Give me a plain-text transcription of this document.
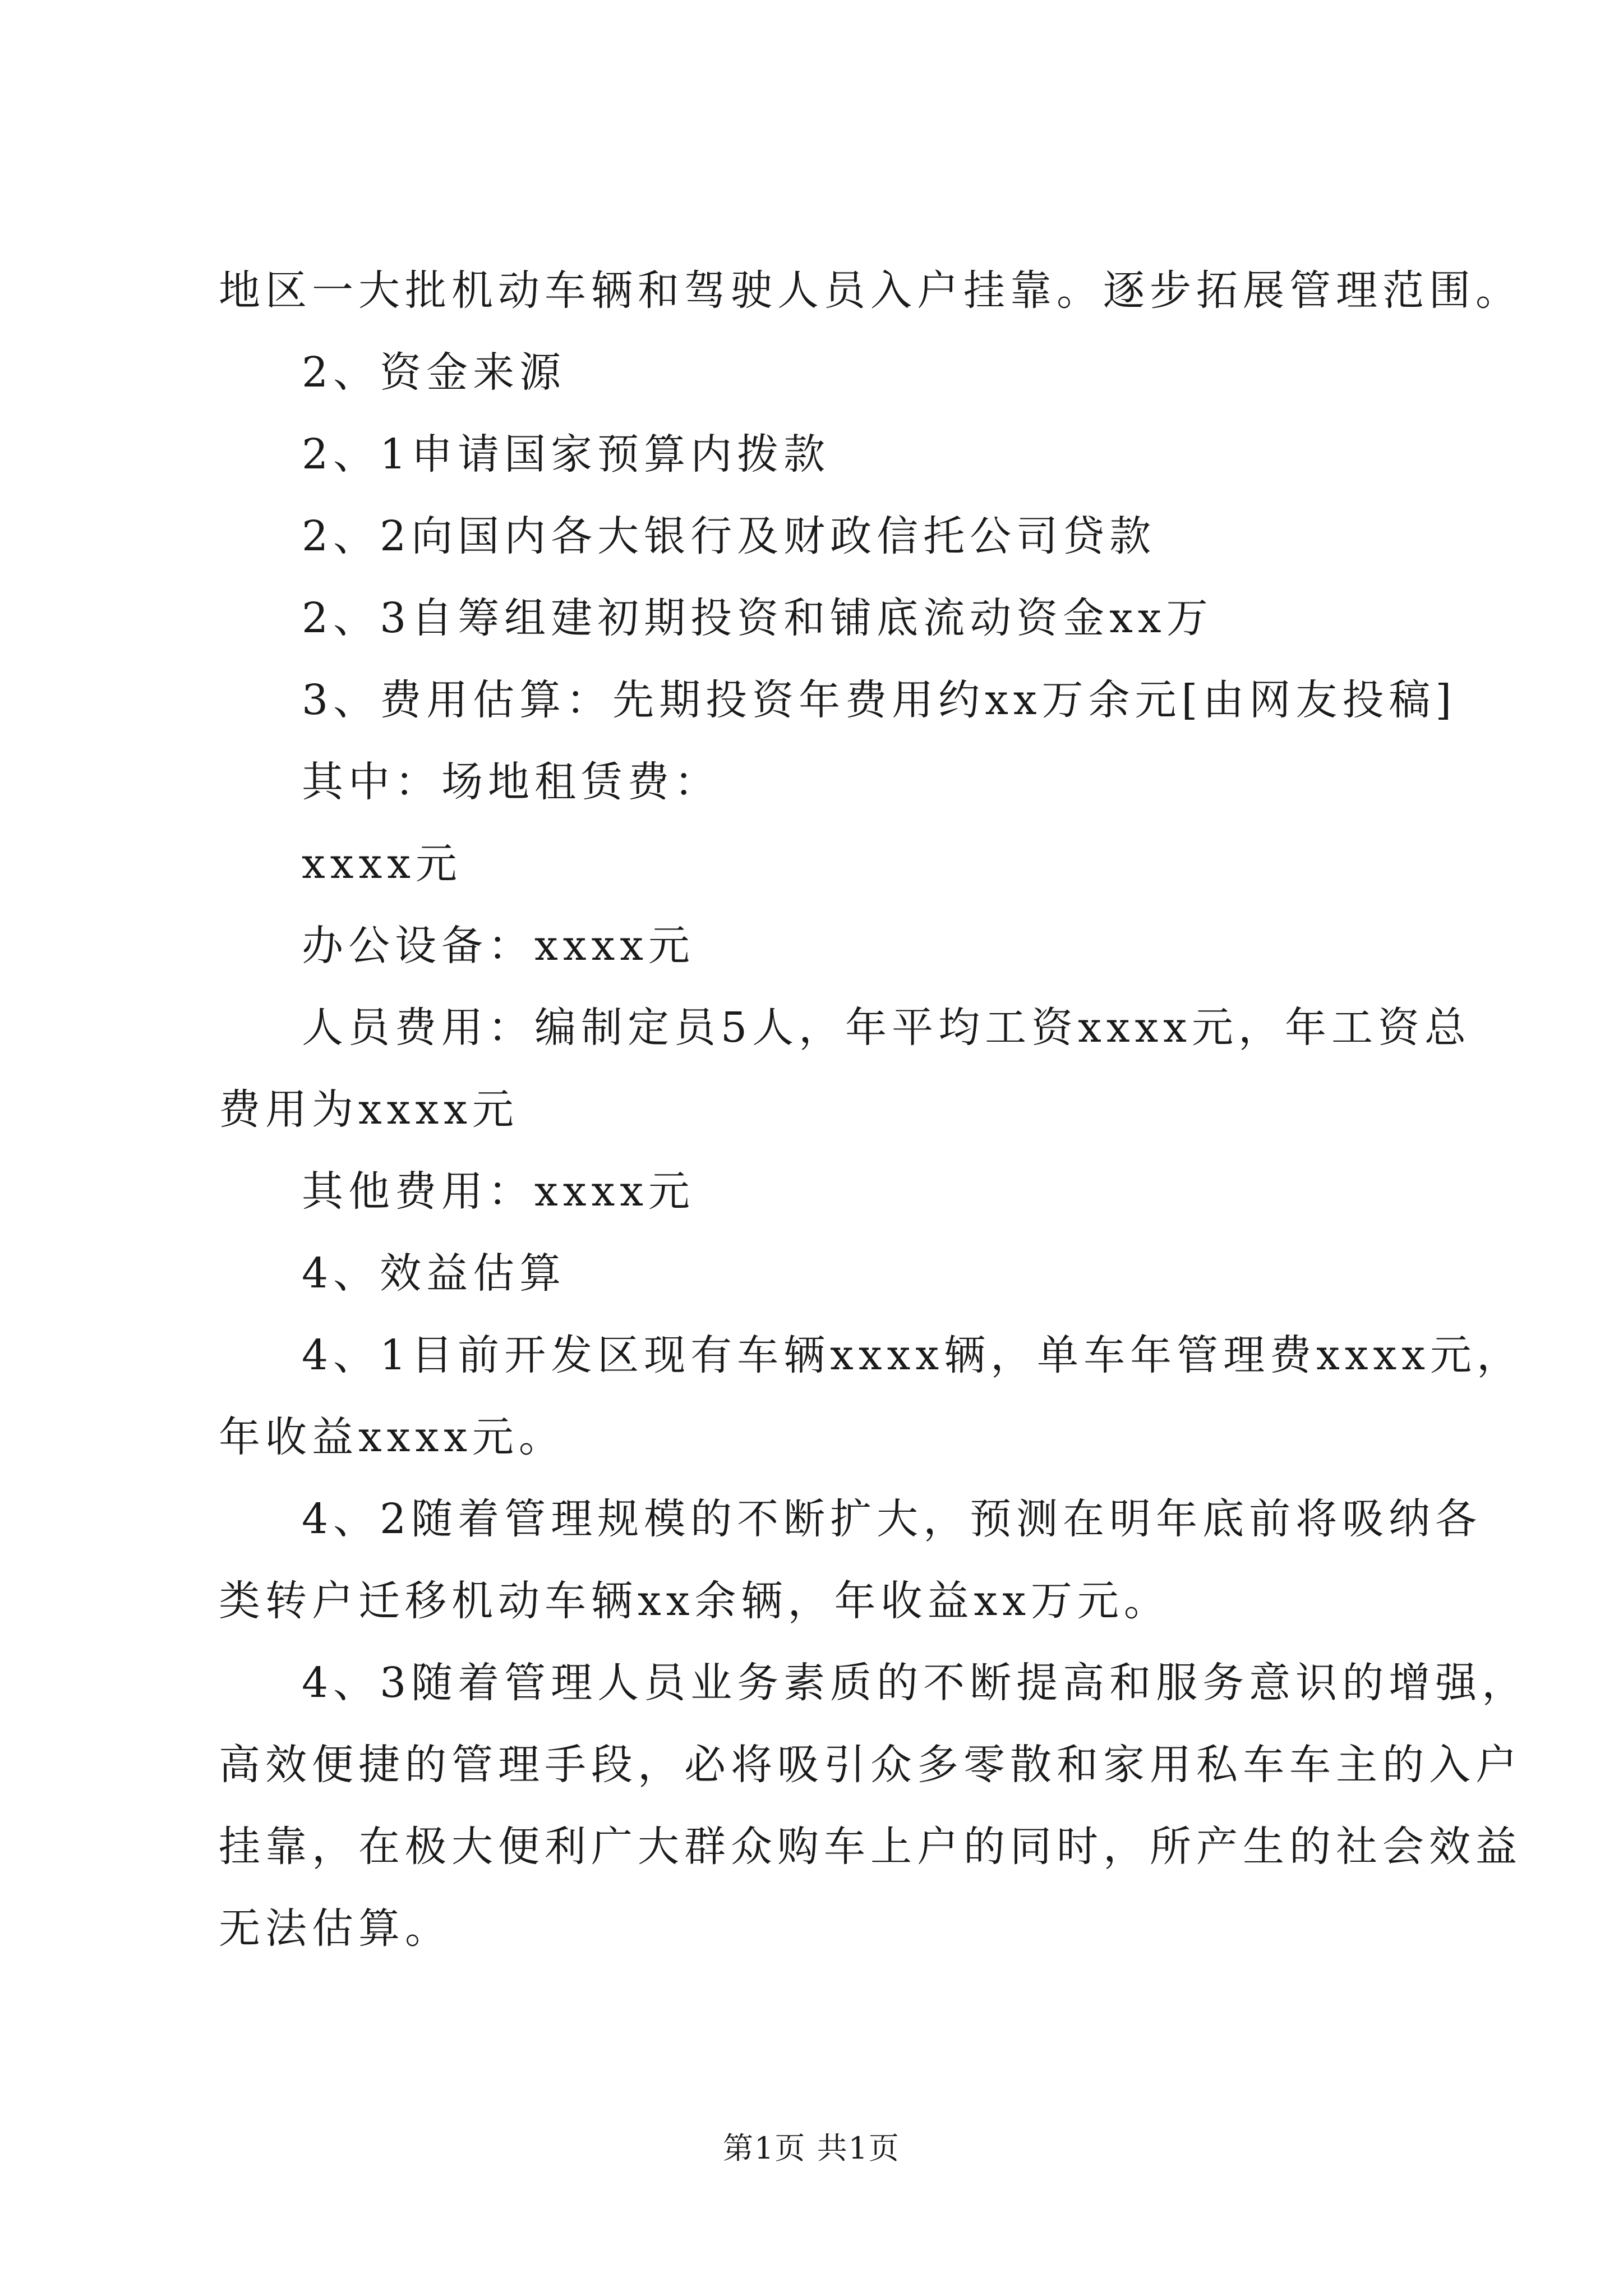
地区一大批机动车辆和驾驶人员入户挂靠。逐步拓展管理范围。

2、资金来源

2、1申请国家预算内拨款

2、2向国内各大银行及财政信托公司贷款

2、3自筹组建初期投资和铺底流动资金xx万

3、费用估算：先期投资年费用约xx万余元[由网友投稿]

其中：场地租赁费：

xxxx元

办公设备：xxxx元

人员费用：编制定员5人，年平均工资xxxx元，年工资总

费用为xxxx元

其他费用：xxxx元

4、效益估算

4、1目前开发区现有车辆xxxx辆，单车年管理费xxxx元，

年收益xxxx元。

4、2随着管理规模的不断扩大，预测在明年底前将吸纳各

类转户迁移机动车辆xx余辆，年收益xx万元。

4、3随着管理人员业务素质的不断提高和服务意识的增强，

高效便捷的管理手段，必将吸引众多零散和家用私车车主的入户

挂靠，在极大便利广大群众购车上户的同时，所产生的社会效益

无法估算。

第1页 共1页
